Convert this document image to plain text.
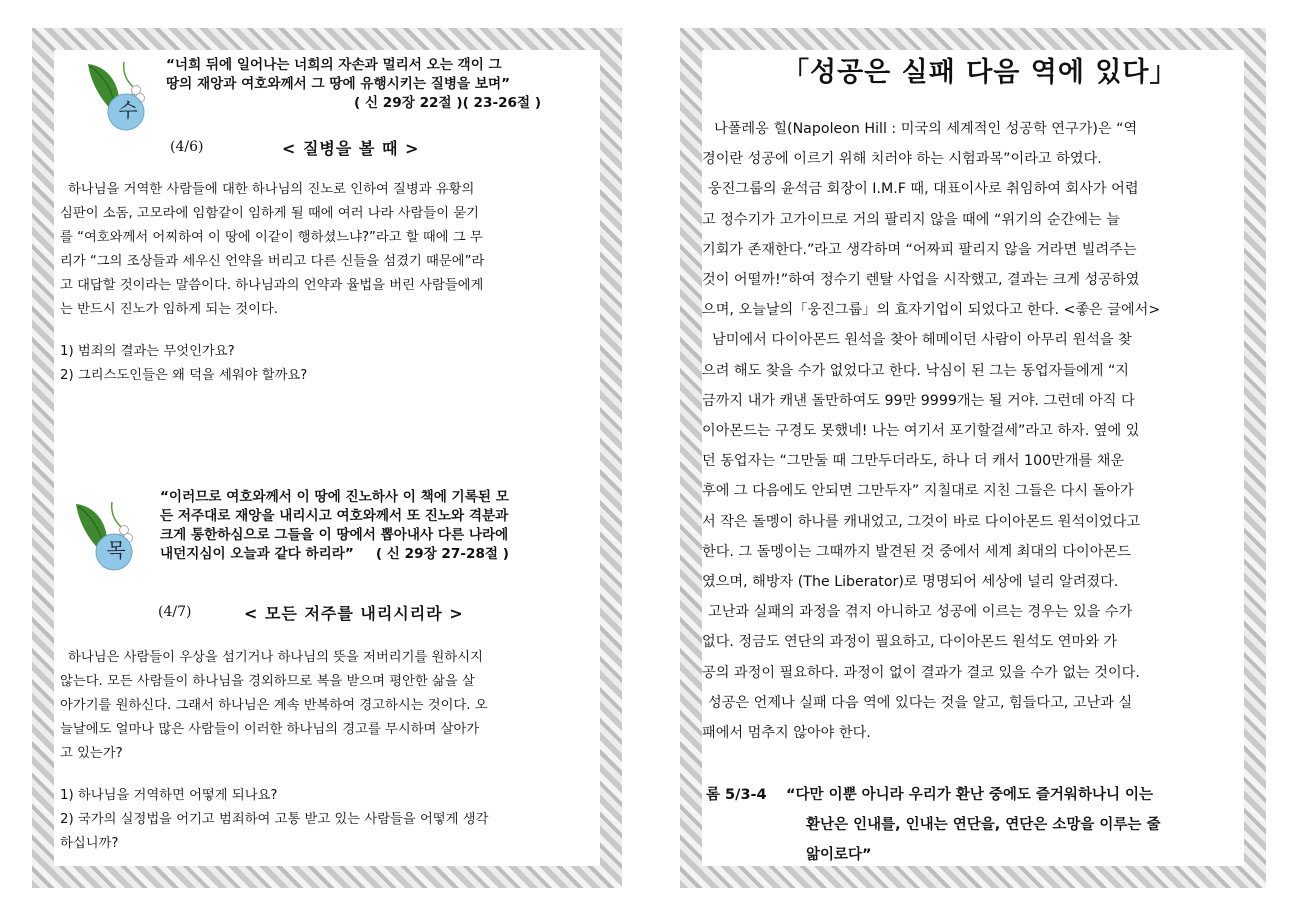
수
“너희 뒤에 일어나는 너희의 자손과 멀리서 오는 객이 그
땅의 재앙과 여호와께서 그 땅에 유행시키는 질병을 보며”
( 신 29장 22절 )( 23-26절 )
(4/6)	< 질병을 볼 때 >
하나님을 거역한 사람들에 대한 하나님의 진노로 인하여 질병과 유황의
심판이 소돔, 고모라에 임함같이 임하게 될 때에 여러 나라 사람들이 묻기
를 “여호와께서 어찌하여 이 땅에 이같이 행하셨느냐?”라고 할 때에 그 무
리가 “그의 조상들과 세우신 언약을 버리고 다른 신들을 섬겼기 때문에”라
고 대답할 것이라는 말씀이다. 하나님과의 언약과 율법을 버린 사람들에게
는 반드시 진노가 임하게 되는 것이다.
1) 범죄의 결과는 무엇인가요?
2) 그리스도인들은 왜 덕을 세워야 할까요?
목
“이러므로 여호와께서 이 땅에 진노하사 이 책에 기록된 모
든 저주대로 재앙을 내리시고 여호와께서 또 진노와 격분과
크게 통한하심으로 그들을 이 땅에서 뽑아내사 다른 나라에
내던지심이 오늘과 같다 하리라” ( 신 29장 27-28절 )
(4/7)	< 모든 저주를 내리시리라 >
하나님은 사람들이 우상을 섬기거나 하나님의 뜻을 저버리기를 원하시지
않는다. 모든 사람들이 하나님을 경외하므로 복을 받으며 평안한 삶을 살
아가기를 원하신다. 그래서 하나님은 계속 반복하여 경고하시는 것이다. 오
늘날에도 얼마나 많은 사람들이 이러한 하나님의 경고를 무시하며 살아가
고 있는가?
1) 하나님을 거역하면 어떻게 되나요?
2) 국가의 실정법을 어기고 범죄하여 고통 받고 있는 사람들을 어떻게 생각
하십니까?
「성공은 실패 다음 역에 있다」
나폴레옹 힐(Napoleon Hill : 미국의 세계적인 성공학 연구가)은 “역
경이란 성공에 이르기 위해 치러야 하는 시험과목”이라고 하였다.
웅진그룹의 윤석금 회장이 I.M.F 때, 대표이사로 취임하여 회사가 어렵
고 정수기가 고가이므로 거의 팔리지 않을 때에 “위기의 순간에는 늘
기회가 존재한다.”라고 생각하며 “어짜피 팔리지 않을 거라면 빌려주는
것이 어떨까!”하여 정수기 렌탈 사업을 시작했고, 결과는 크게 성공하였
으며, 오늘날의「웅진그룹」의 효자기업이 되었다고 한다. <좋은 글에서>
남미에서 다이아몬드 원석을 찾아 헤메이던 사람이 아무리 원석을 찾
으려 해도 찾을 수가 없었다고 한다. 낙심이 된 그는 동업자들에게 “지
금까지 내가 캐낸 돌만하여도 99만 9999개는 될 거야. 그런데 아직 다
이아몬드는 구경도 못했네! 나는 여기서 포기할걸세”라고 하자. 옆에 있
던 동업자는 “그만둘 때 그만두더라도, 하나 더 캐서 100만개를 채운
후에 그 다음에도 안되면 그만두자” 지칠대로 지친 그들은 다시 돌아가
서 작은 돌멩이 하나를 캐내었고, 그것이 바로 다이아몬드 원석이었다고
한다. 그 돌멩이는 그때까지 발견된 것 중에서 세계 최대의 다이아몬드
였으며, 해방자 (The Liberator)로 명명되어 세상에 널리 알려졌다.
고난과 실패의 과정을 겪지 아니하고 성공에 이르는 경우는 있을 수가
없다. 정금도 연단의 과정이 필요하고, 다이아몬드 원석도 연마와 가
공의 과정이 필요하다. 과정이 없이 결과가 결코 있을 수가 없는 것이다.
성공은 언제나 실패 다음 역에 있다는 것을 알고, 힘들다고, 고난과 실
패에서 멈추지 않아야 한다.
롬 5/3-4 “다만 이뿐 아니라 우리가 환난 중에도 즐거워하나니 이는
환난은 인내를, 인내는 연단을, 연단은 소망을 이루는 줄
앎이로다”
